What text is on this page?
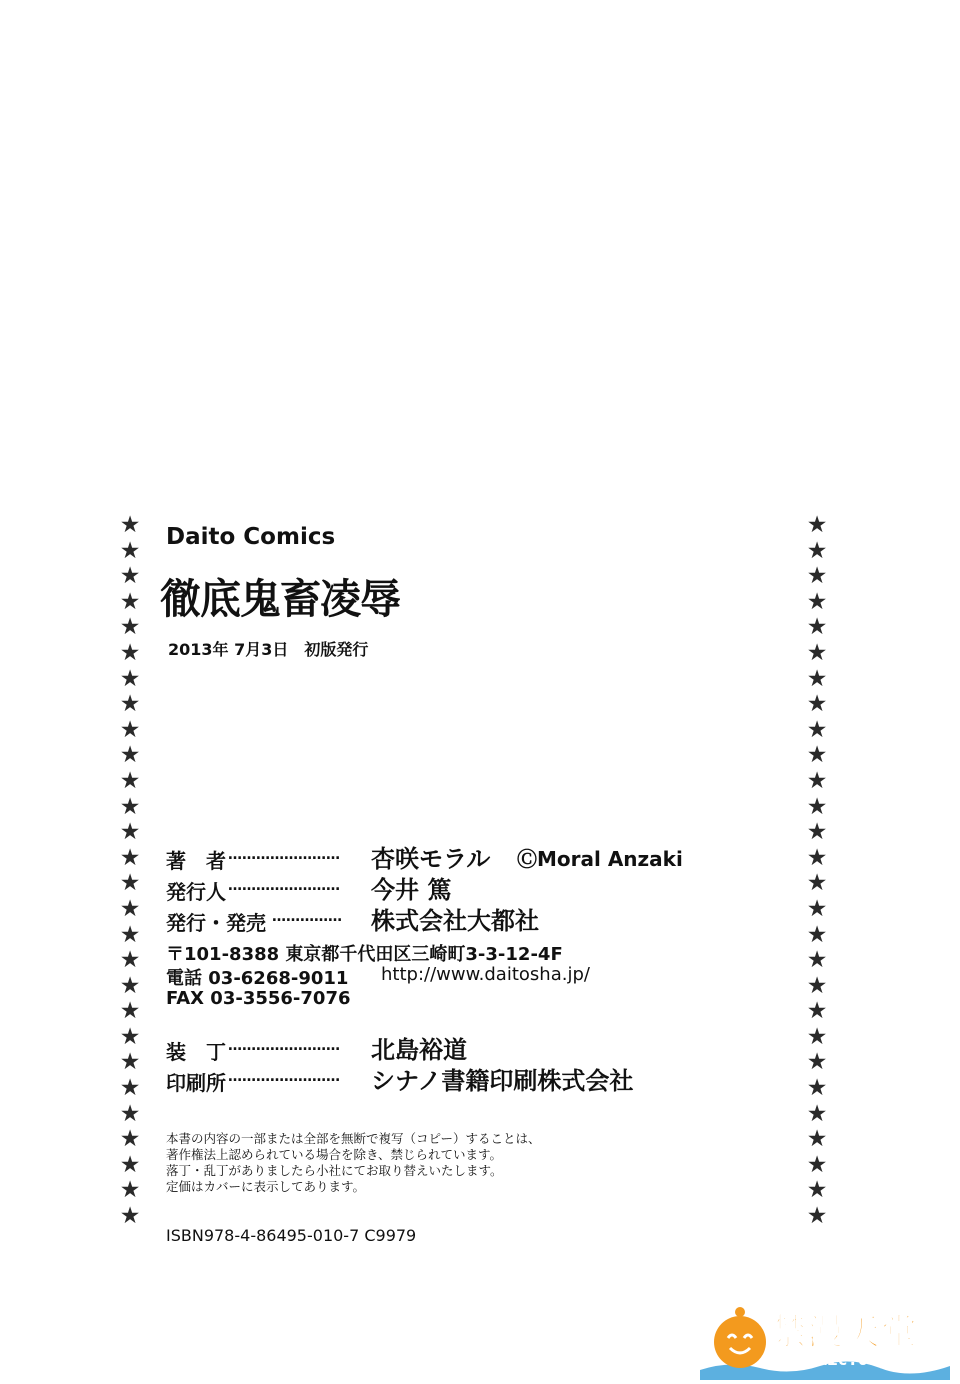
★
★
★
★
★
★
★
★
★
★
★
★
★
★
★
★
★
★
★
★
★
★
★
★
★
★
★
★
★
★
★
★
★
★
★
★
★
★
★
★
★
★
★
★
★
★
★
★
★
★
★
★
★
★
★
★
Daito Comics
徹底鬼畜凌辱
2013年 7月3日　初版発行
著　者 …………………… 杏咲モラル ⒸMoral Anzaki
発行人 …………………… 今井 篤
発行・発売 …………… 株式会社大都社
〒101-8388 東京都千代田区三崎町3-3-12-4F
電話 03-6268-9011 http://www.daitosha.jp/
FAX 03-3556-7076
装　丁 …………………… 北島裕道
印刷所 …………………… シナノ書籍印刷株式会社
本書の内容の一部または全部を無断で複写（コピー）することは、
著作権法上認められている場合を除き、禁じられています。
落丁・乱丁がありましたら小社にてお取り替えいたします。
定価はカバーに表示してあります。
ISBN978-4-86495-010-7 C9979
禁漫天堂
18comic.org
